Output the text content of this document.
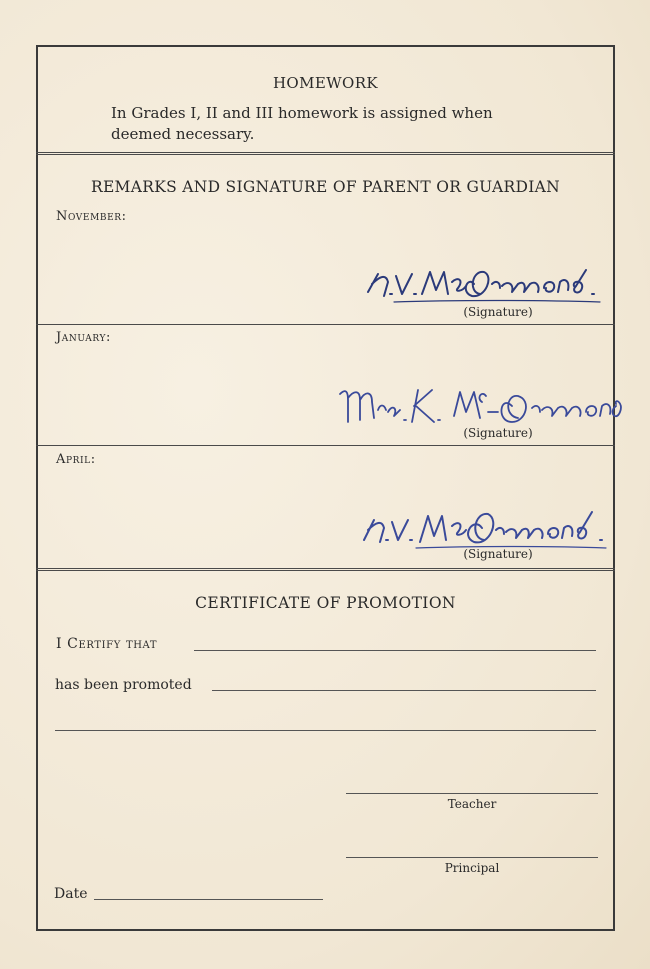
HOMEWORK
In Grades I, II and III homework is assigned when
deemed necessary.
REMARKS AND SIGNATURE OF PARENT OR GUARDIAN
November:
(Signature)
January:
(Signature)
April:
(Signature)
CERTIFICATE OF PROMOTION
I Certify that
has been promoted
Teacher
Principal
Date
